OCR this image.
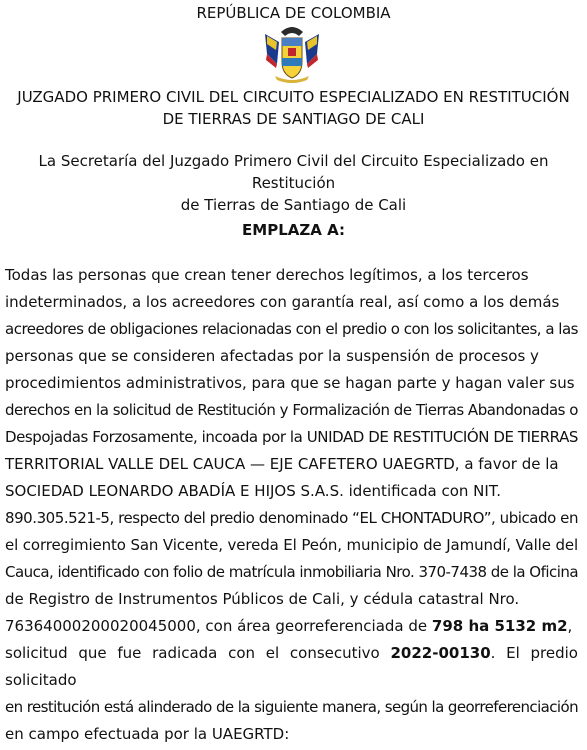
REPÚBLICA DE COLOMBIA
JUZGADO PRIMERO CIVIL DEL CIRCUITO ESPECIALIZADO EN RESTITUCIÓN
DE TIERRAS DE SANTIAGO DE CALI
La Secretaría del Juzgado Primero Civil del Circuito Especializado en Restitución
de Tierras de Santiago de Cali
EMPLAZA A:
Todas las personas que crean tener derechos legítimos, a los terceros
indeterminados, a los acreedores con garantía real, así como a los demás
acreedores de obligaciones relacionadas con el predio o con los solicitantes, a las
personas que se consideren afectadas por la suspensión de procesos y
procedimientos administrativos, para que se hagan parte y hagan valer sus
derechos en la solicitud de Restitución y Formalización de Tierras Abandonadas o
Despojadas Forzosamente, incoada por la UNIDAD DE RESTITUCIÓN DE TIERRAS
TERRITORIAL VALLE DEL CAUCA — EJE CAFETERO UAEGRTD, a favor de la
SOCIEDAD LEONARDO ABADÍA E HIJOS S.A.S. identificada con NIT.
890.305.521-5, respecto del predio denominado “EL CHONTADURO”, ubicado en
el corregimiento San Vicente, vereda El Peón, municipio de Jamundí, Valle del
Cauca, identificado con folio de matrícula inmobiliaria Nro. 370-7438 de la Oficina
de Registro de Instrumentos Públicos de Cali, y cédula catastral Nro.
76364000200020045000, con área georreferenciada de 798 ha 5132 m2,
solicitud que fue radicada con el consecutivo 2022-00130. El predio solicitado
en restitución está alinderado de la siguiente manera, según la georreferenciación
en campo efectuada por la UAEGRTD:
